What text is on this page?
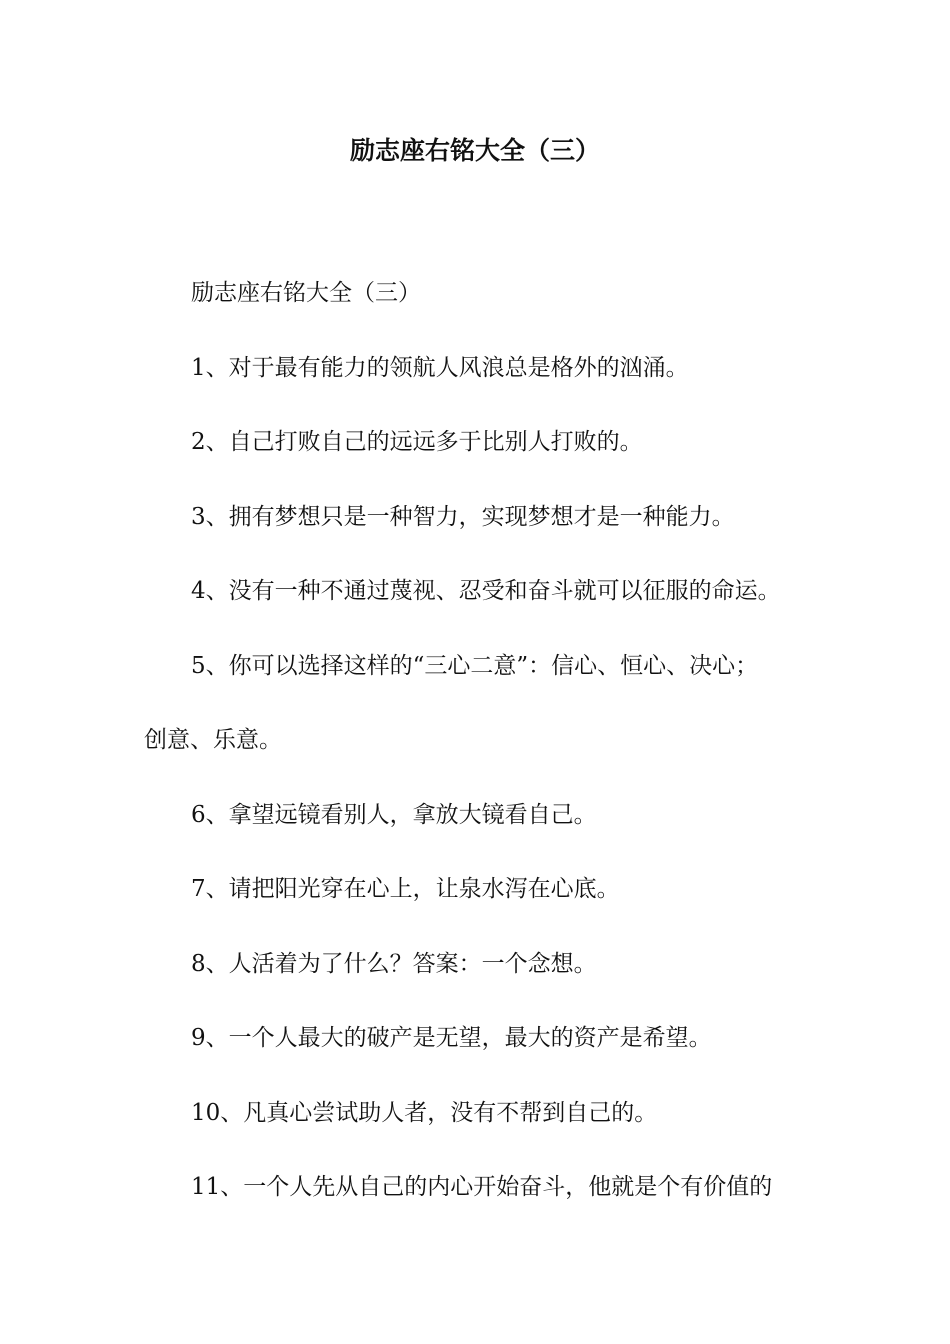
励志座右铭大全（三）

励志座右铭大全（三）

1、对于最有能力的领航人风浪总是格外的汹涌。

2、自己打败自己的远远多于比别人打败的。

3、拥有梦想只是一种智力，实现梦想才是一种能力。

4、没有一种不通过蔑视、忍受和奋斗就可以征服的命运。

5、你可以选择这样的“三心二意”：信心、恒心、决心；

创意、乐意。

6、拿望远镜看别人，拿放大镜看自己。

7、请把阳光穿在心上，让泉水泻在心底。

8、人活着为了什么？答案：一个念想。

9、一个人最大的破产是无望，最大的资产是希望。

10、凡真心尝试助人者，没有不帮到自己的。

11、一个人先从自己的内心开始奋斗，他就是个有价值的
